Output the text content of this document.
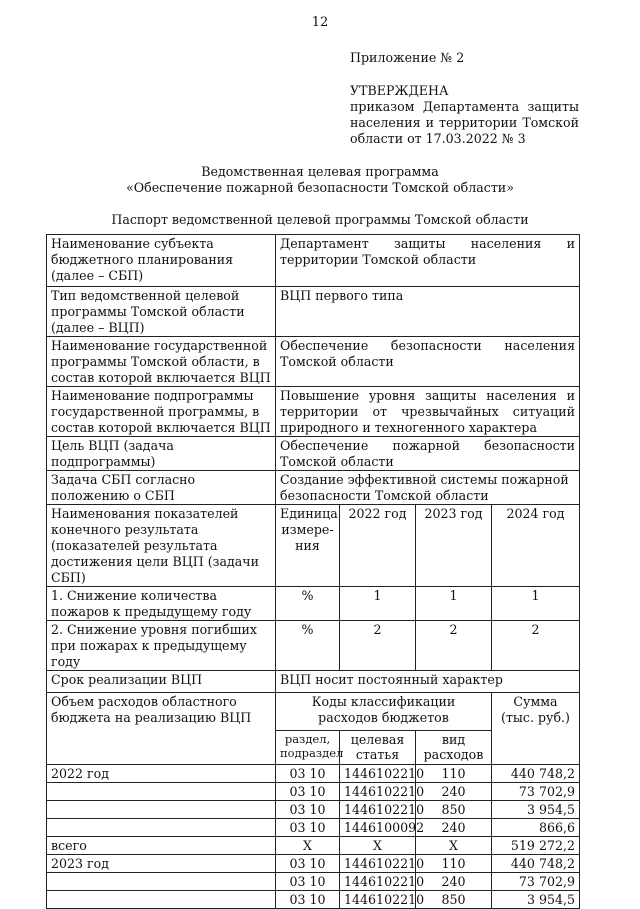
12
Приложение № 2
УТВЕРЖДЕНА
приказом Департамента защиты
населения и территории Томской
области от 17.03.2022 № 3
Ведомственная целевая программа
«Обеспечение пожарной безопасности Томской области»
Паспорт ведомственной целевой программы Томской области
Наименование субъекта бюджетного планирования (далее – СБП)	Департамент защиты населения и территории Томской области			
Тип ведомственной целевой программы Томской области (далее – ВЦП)	ВЦП первого типа			
Наименование государственной программы Томской области, в состав которой включается ВЦП	Обеспечение безопасности населения Томской области			
Наименование подпрограммы государственной программы, в состав которой включается ВЦП	Повышение уровня защиты населения и территории от чрезвычайных ситуаций природного и техногенного характера			
Цель ВЦП (задача подпрограммы)	Обеспечение пожарной безопасности Томской области			
Задача СБП согласно положению о СБП	Создание эффективной системы пожарной безопасности Томской области			
Наименования показателей конечного результата (показателей результата достижения цели ВЦП (задачи СБП)	Единица измере-ния	2022 год	2023 год	2024 год
1. Снижение количества пожаров к предыдущему году	%	1	1	1
2. Снижение уровня погибших при пожарах к предыдущему году	%	2	2	2
Срок реализации ВЦП	ВЦП носит постоянный характер			
Объем расходов областного бюджета на реализацию ВЦП	Коды классификации расходов бюджетов			Сумма (тыс. руб.)
	раздел, подраздел	целевая статья	вид расходов	
2022 год	03 10	1446102210	110	440 748,2
	03 10	1446102210	240	73 702,9
	03 10	1446102210	850	3 954,5
	03 10	1446100092	240	866,6
всего	Х	Х	Х	519 272,2
2023 год	03 10	1446102210	110	440 748,2
	03 10	1446102210	240	73 702,9
	03 10	1446102210	850	3 954,5
